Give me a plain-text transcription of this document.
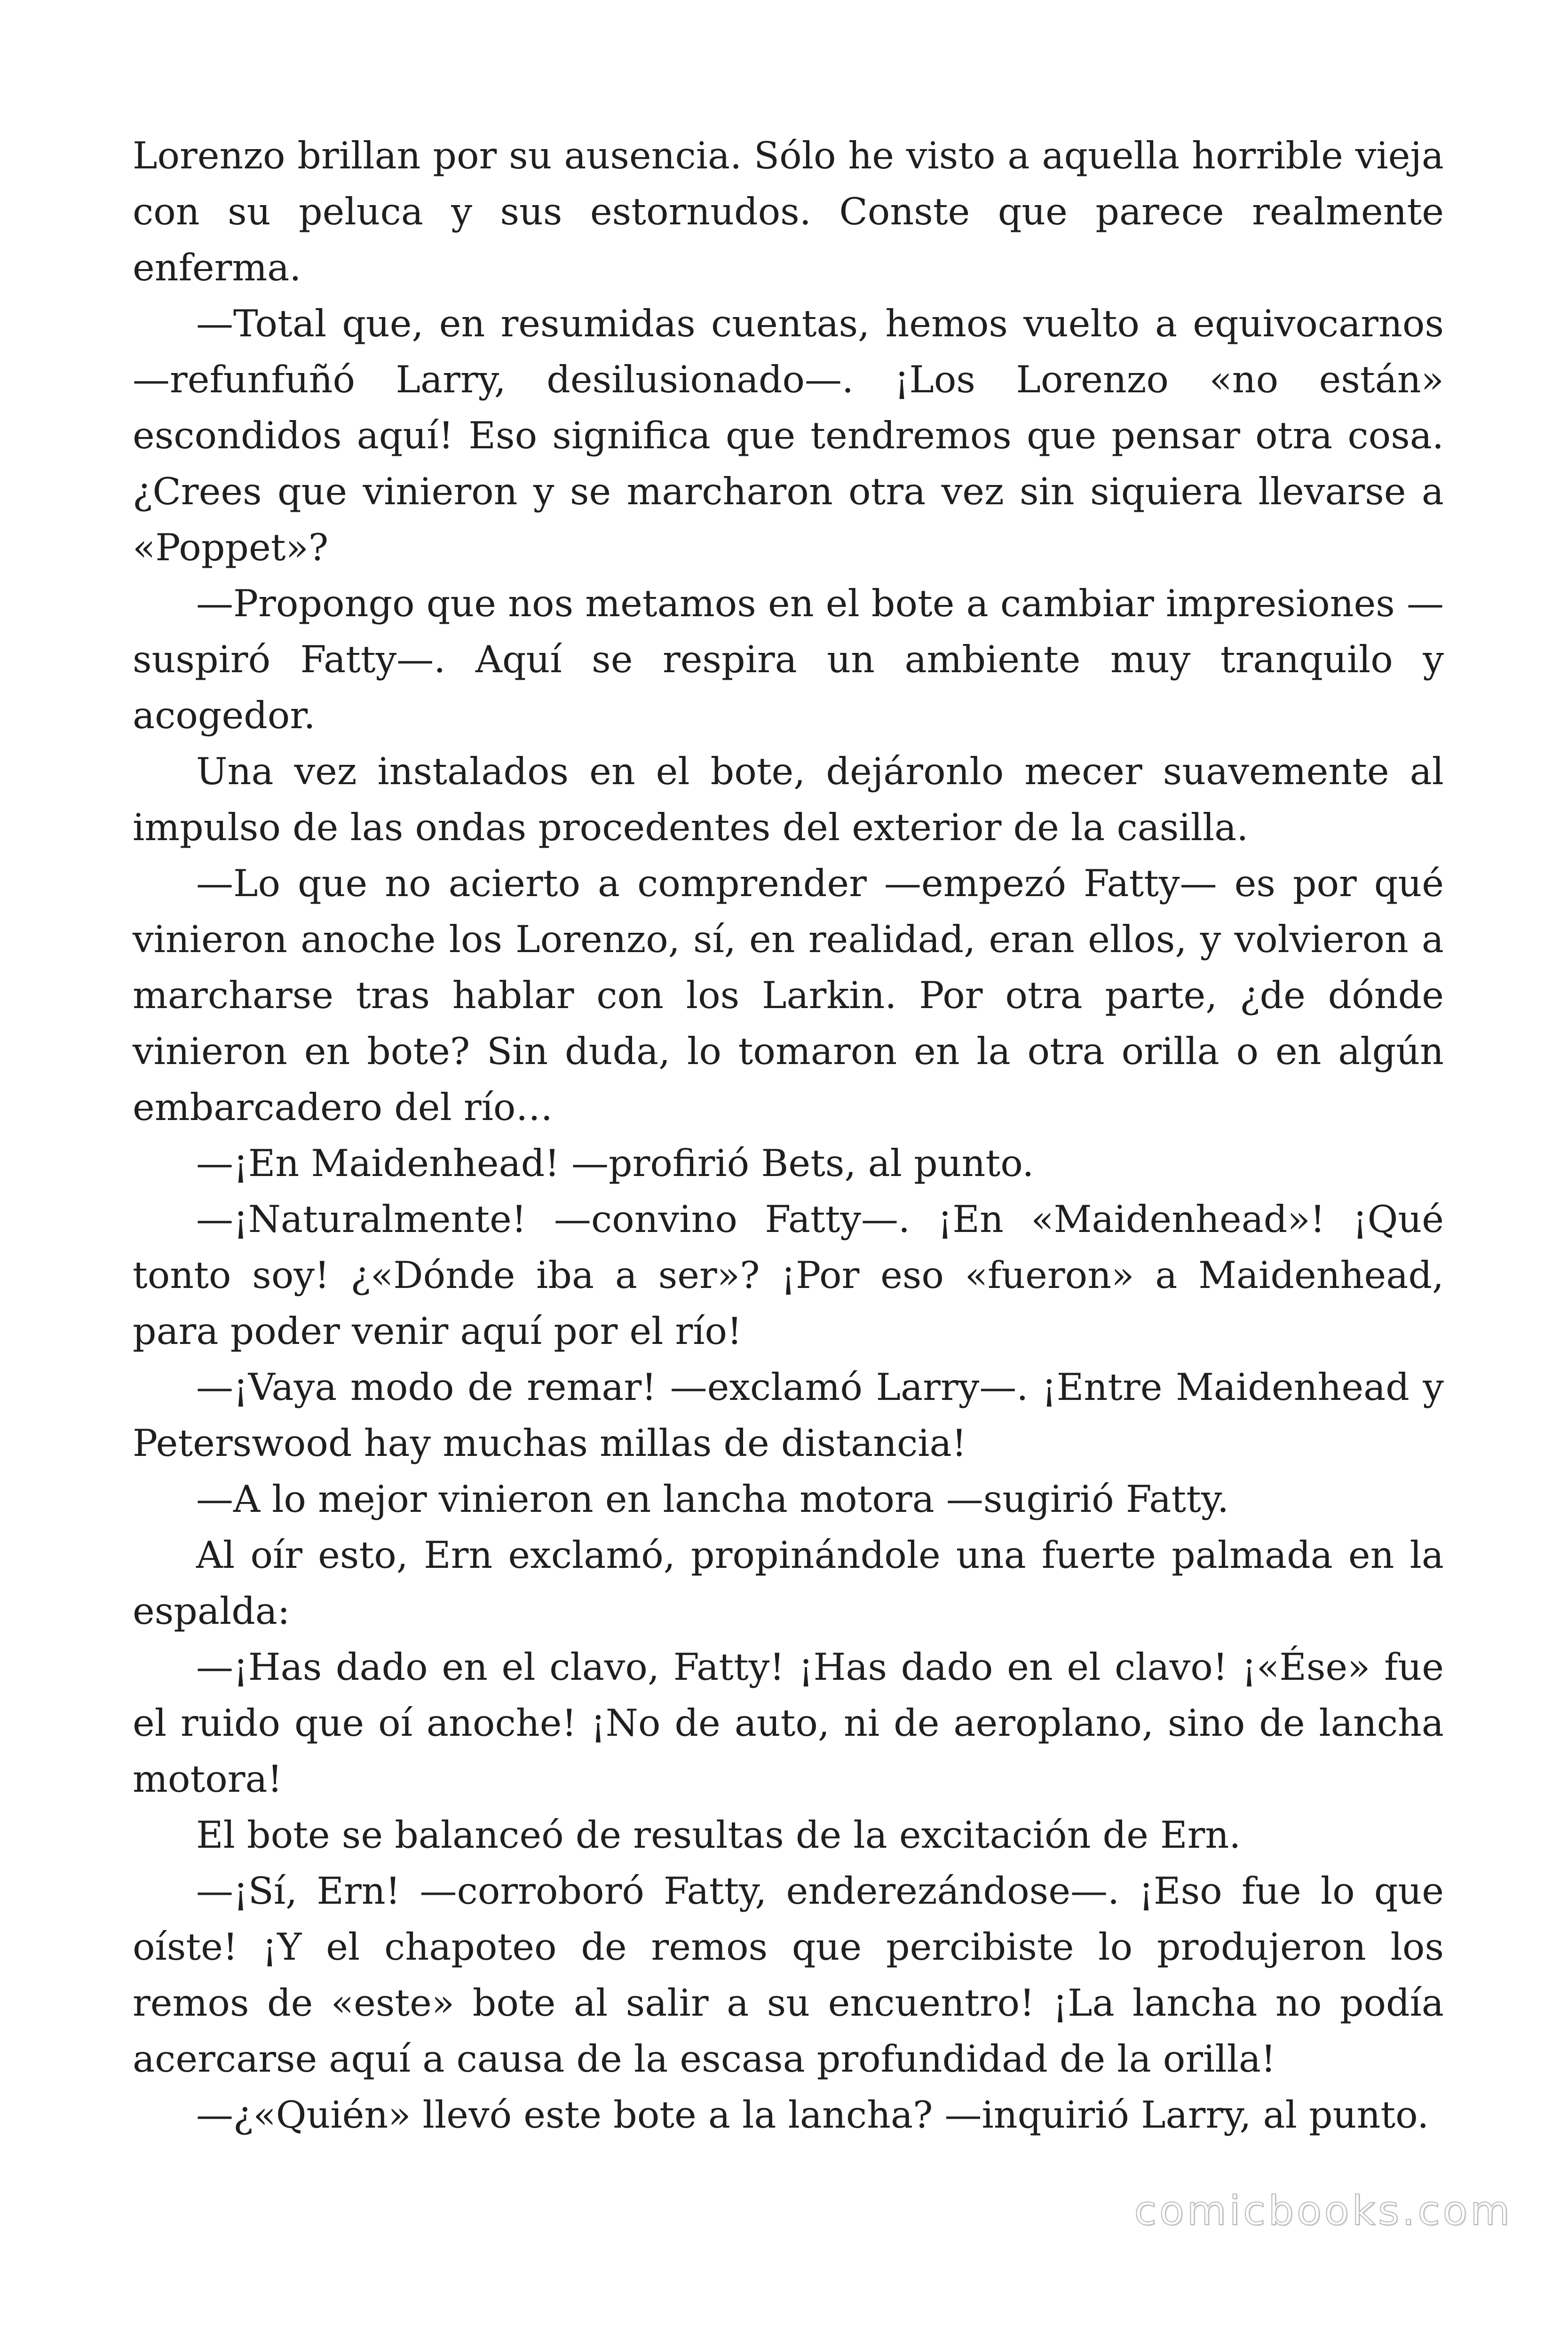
Lorenzo brillan por su ausencia. Sólo he visto a aquella horrible vieja con su peluca y sus estornudos. Conste que parece realmente enferma.

—Total que, en resumidas cuentas, hemos vuelto a equivocarnos —refunfuñó Larry, desilusionado—. ¡Los Lorenzo «no están» escondidos aquí! Eso significa que tendremos que pensar otra cosa. ¿Crees que vinieron y se marcharon otra vez sin siquiera llevarse a «Poppet»?

—Propongo que nos metamos en el bote a cambiar impresiones —suspiró Fatty—. Aquí se respira un ambiente muy tranquilo y acogedor.

Una vez instalados en el bote, dejáronlo mecer suavemente al impulso de las ondas procedentes del exterior de la casilla.

—Lo que no acierto a comprender —empezó Fatty— es por qué vinieron anoche los Lorenzo, sí, en realidad, eran ellos, y volvieron a marcharse tras hablar con los Larkin. Por otra parte, ¿de dónde vinieron en bote? Sin duda, lo tomaron en la otra orilla o en algún embarcadero del río…

—¡En Maidenhead! —profirió Bets, al punto.

—¡Naturalmente! —convino Fatty—. ¡En «Maidenhead»! ¡Qué tonto soy! ¿«Dónde iba a ser»? ¡Por eso «fueron» a Maidenhead, para poder venir aquí por el río!

—¡Vaya modo de remar! —exclamó Larry—. ¡Entre Maidenhead y Peterswood hay muchas millas de distancia!

—A lo mejor vinieron en lancha motora —sugirió Fatty.

Al oír esto, Ern exclamó, propinándole una fuerte palmada en la espalda:

—¡Has dado en el clavo, Fatty! ¡Has dado en el clavo! ¡«Ése» fue el ruido que oí anoche! ¡No de auto, ni de aeroplano, sino de lancha motora!

El bote se balanceó de resultas de la excitación de Ern.

—¡Sí, Ern! —corroboró Fatty, enderezándose—. ¡Eso fue lo que oíste! ¡Y el chapoteo de remos que percibiste lo produjeron los remos de «este» bote al salir a su encuentro! ¡La lancha no podía acercarse aquí a causa de la escasa profundidad de la orilla!

—¿«Quién» llevó este bote a la lancha? —inquirió Larry, al punto.

comicbooks.com
